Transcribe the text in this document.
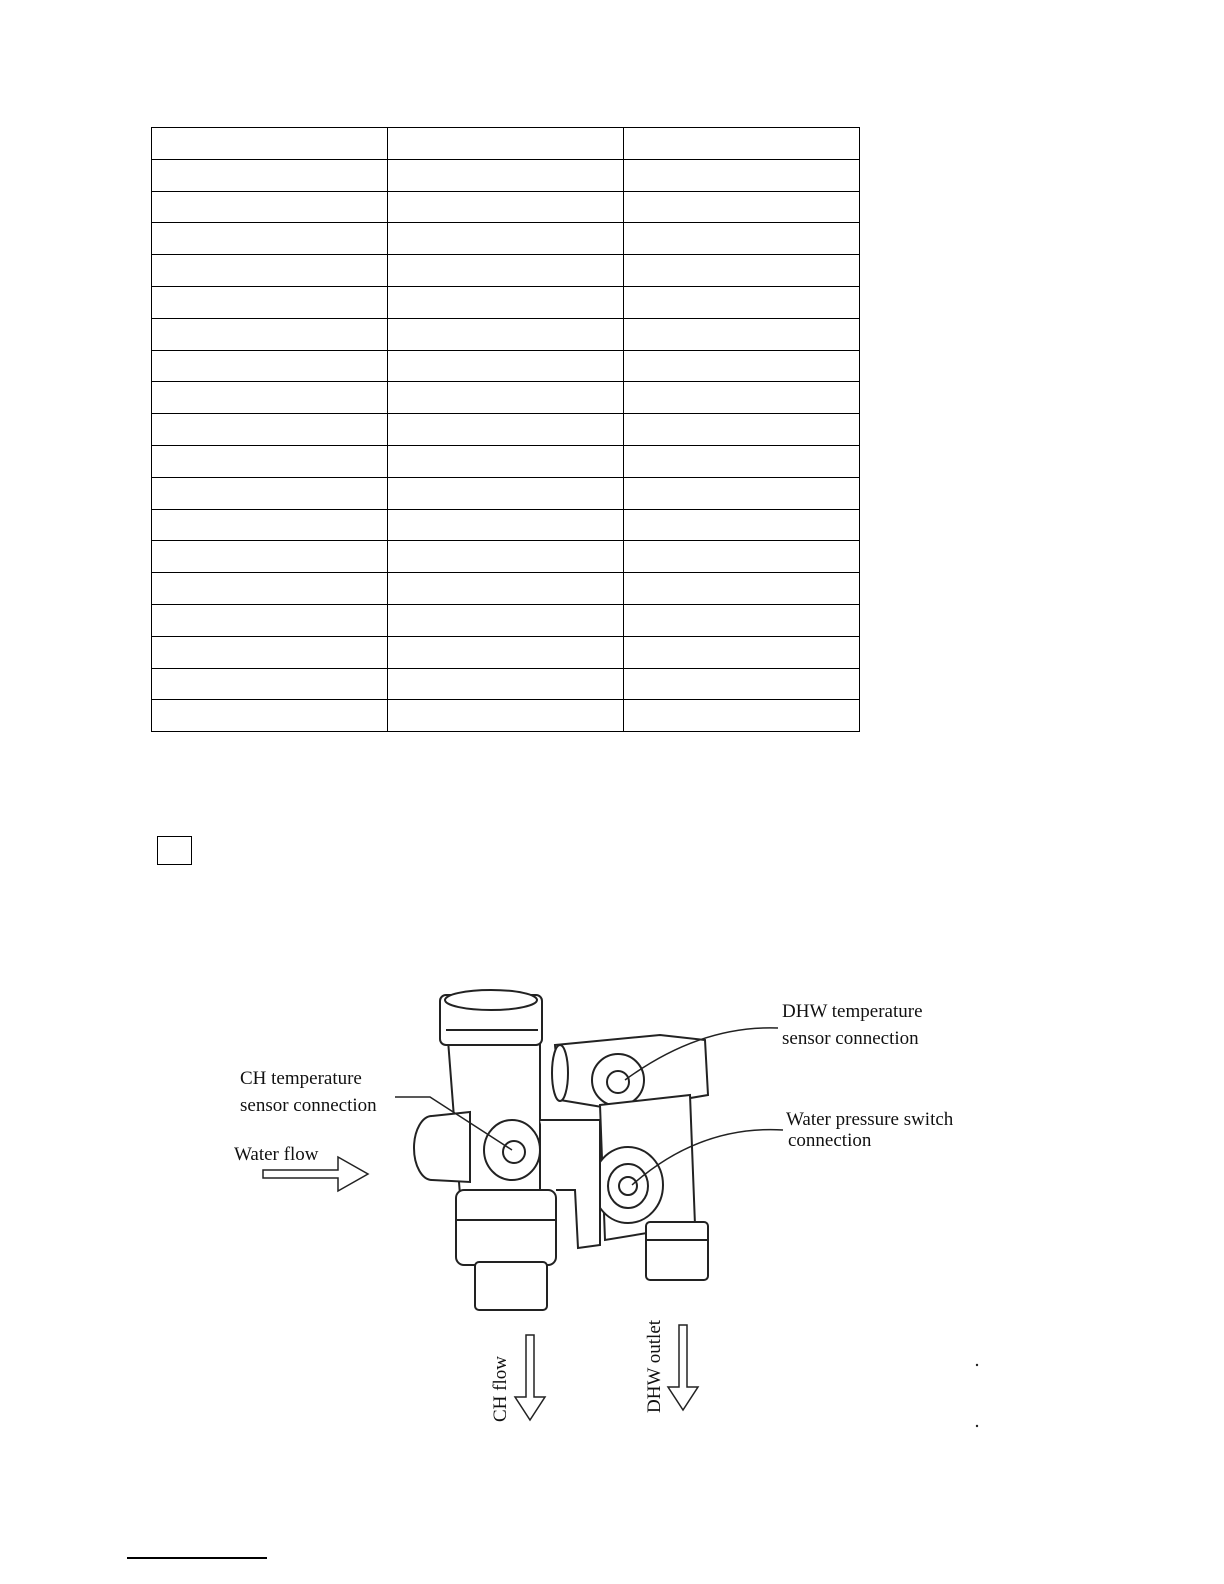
CH temperature
sensor connection
Water flow
DHW temperature
sensor connection
Water pressure switch
connection
CH flow	DHW outlet
